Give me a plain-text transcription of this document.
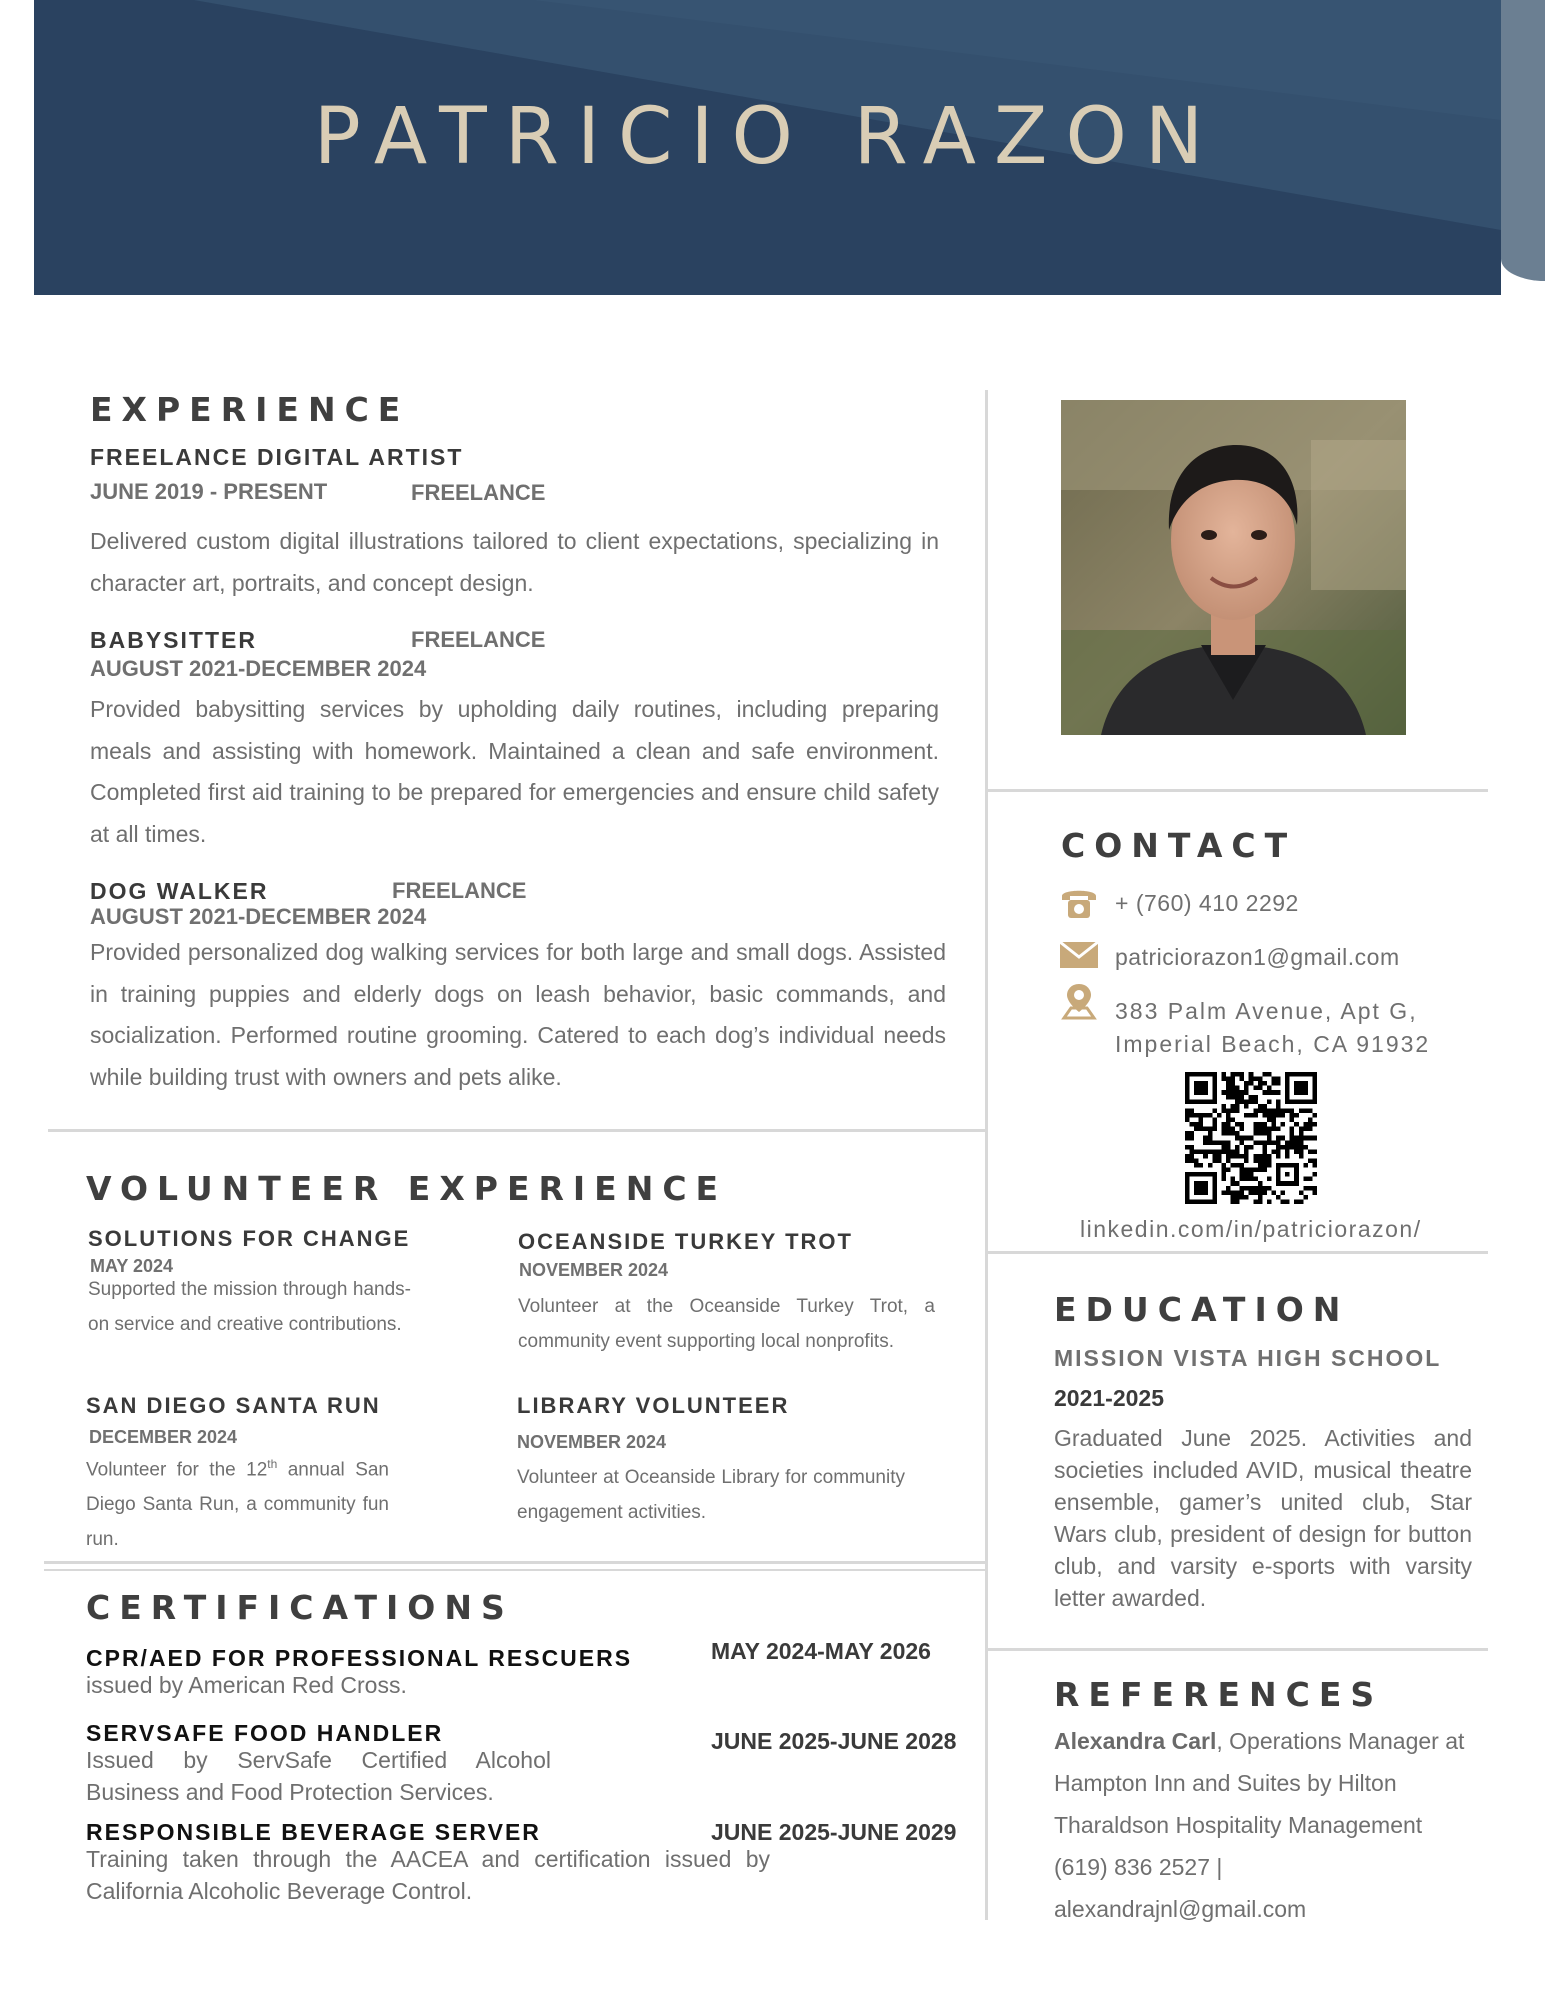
PATRICIO RAZON
EXPERIENCE
FREELANCE DIGITAL ARTIST
JUNE 2019 - PRESENT	FREELANCE
Delivered custom digital illustrations tailored to client expectations, specializing in character art, portraits, and concept design.
BABYSITTER	FREELANCE
AUGUST 2021-DECEMBER 2024
Provided babysitting services by upholding daily routines, including preparing meals and assisting with homework. Maintained a clean and safe environment. Completed first aid training to be prepared for emergencies and ensure child safety at all times.
DOG WALKER	FREELANCE
AUGUST 2021-DECEMBER 2024
Provided personalized dog walking services for both large and small dogs. Assisted in training puppies and elderly dogs on leash behavior, basic commands, and socialization. Performed routine grooming. Catered to each dog’s individual needs while building trust with owners and pets alike.
VOLUNTEER EXPERIENCE
SOLUTIONS FOR CHANGE
MAY 2024
Supported the mission through hands-on service and creative contributions.
OCEANSIDE TURKEY TROT
NOVEMBER 2024
Volunteer at the Oceanside Turkey Trot, a community event supporting local nonprofits.
SAN DIEGO SANTA RUN
DECEMBER 2024
Volunteer for the 12th annual San Diego Santa Run, a community fun run.
LIBRARY VOLUNTEER
NOVEMBER 2024
Volunteer at Oceanside Library for community engagement activities.
CERTIFICATIONS
CPR/AED FOR PROFESSIONAL RESCUERS	MAY 2024-MAY 2026
issued by American Red Cross.
SERVSAFE FOOD HANDLER	JUNE 2025-JUNE 2028
Issued by ServSafe Certified Alcohol Business and Food Protection Services.
RESPONSIBLE BEVERAGE SERVER	JUNE 2025-JUNE 2029
Training taken through the AACEA and certification issued by California Alcoholic Beverage Control.
CONTACT
+ (760) 410 2292
patriciorazon1@gmail.com
383 Palm Avenue, Apt G,
Imperial Beach, CA 91932
linkedin.com/in/patriciorazon/
EDUCATION
MISSION VISTA HIGH SCHOOL
2021-2025
Graduated June 2025. Activities and societies included AVID, musical theatre ensemble, gamer’s united club, Star Wars club, president of design for button club, and varsity e-sports with varsity letter awarded.
REFERENCES
Alexandra Carl, Operations Manager at
Hampton Inn and Suites by Hilton
Tharaldson Hospitality Management
(619) 836 2527 |
alexandrajnl@gmail.com
